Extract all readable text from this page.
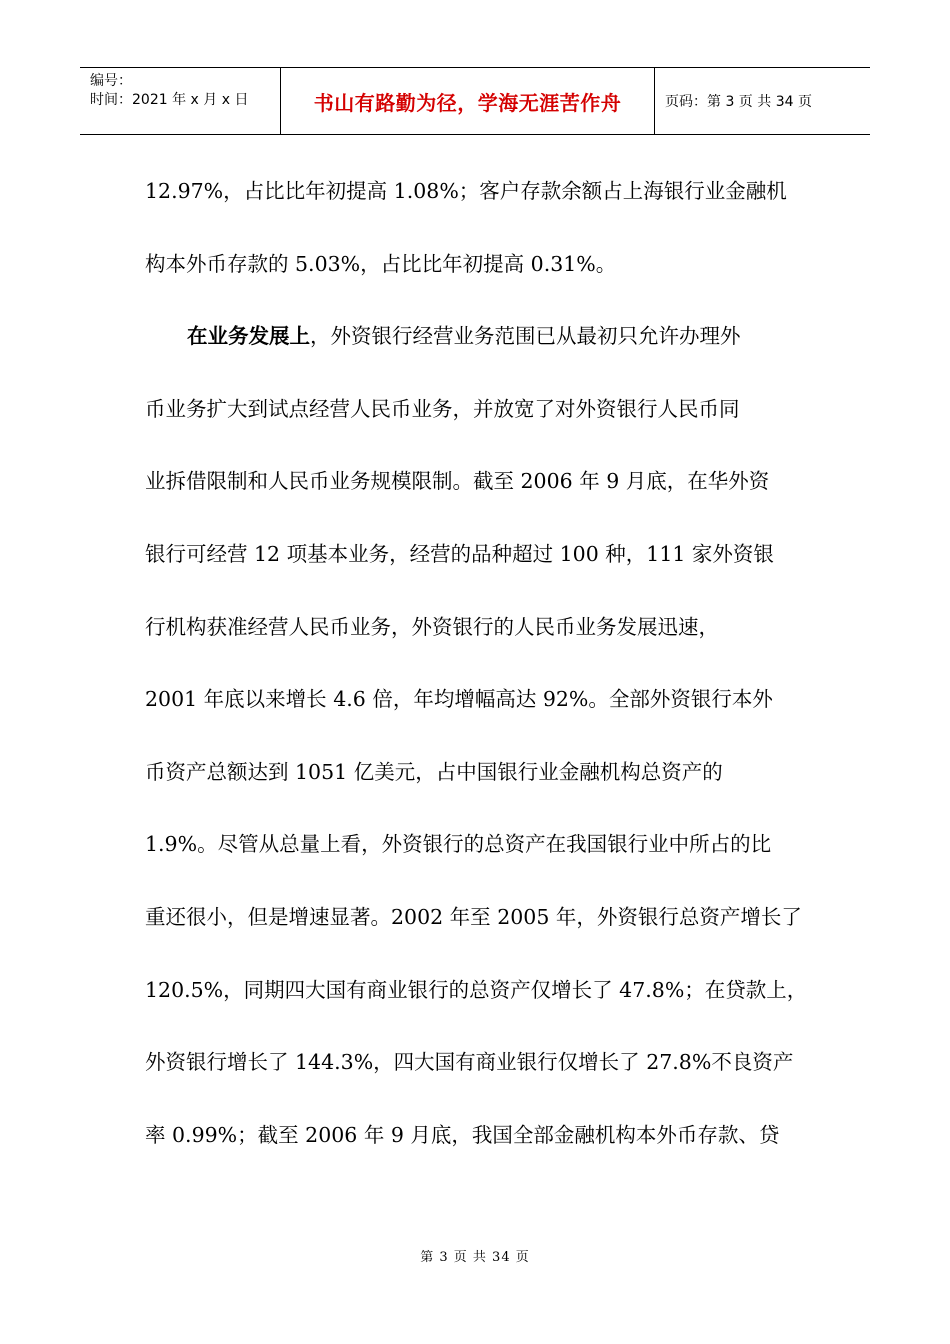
编号：
时间：2021 年 x 月 x 日	书山有路勤为径，学海无涯苦作舟	页码：第 3 页 共 34 页
12.97%，占比比年初提高 1.08%；客户存款余额占上海银行业金融机
构本外币存款的 5.03%，占比比年初提高 0.31%。
在业务发展上，外资银行经营业务范围已从最初只允许办理外
币业务扩大到试点经营人民币业务，并放宽了对外资银行人民币同
业拆借限制和人民币业务规模限制。截至 2006 年 9 月底，在华外资
银行可经营 12 项基本业务，经营的品种超过 100 种，111 家外资银
行机构获准经营人民币业务，外资银行的人民币业务发展迅速，
2001 年底以来增长 4.6 倍，年均增幅高达 92%。全部外资银行本外
币资产总额达到 1051 亿美元，占中国银行业金融机构总资产的
1.9%。尽管从总量上看，外资银行的总资产在我国银行业中所占的比
重还很小，但是增速显著。2002 年至 2005 年，外资银行总资产增长了
120.5%，同期四大国有商业银行的总资产仅增长了 47.8%；在贷款上，
外资银行增长了 144.3%，四大国有商业银行仅增长了 27.8%不良资产
率 0.99%；截至 2006 年 9 月底，我国全部金融机构本外币存款、贷
第 3 页 共 34 页
